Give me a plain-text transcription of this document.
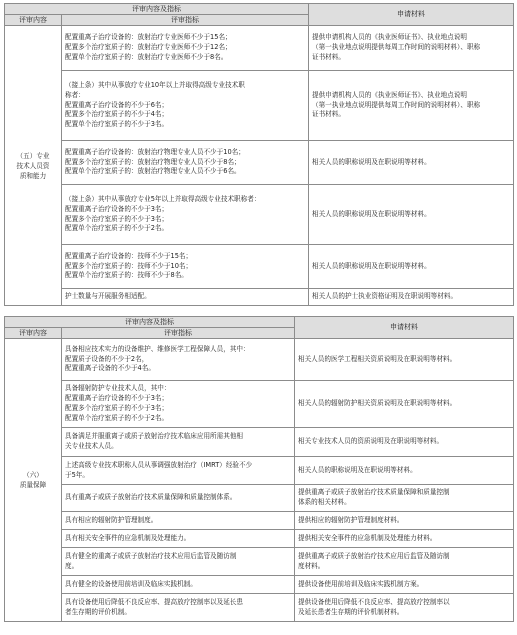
评审内容及指标		申请材料
评审内容	评审指标	
（五）专业
技术人员资
质和能力	配置重离子治疗设备的：放射治疗专业医师不少于15名；
配置多个治疗室质子的：放射治疗专业医师不少于12名；
配置单个治疗室质子的：放射治疗专业医师不少于8名。	提供申请机构人员的《执业医师证书》、执业地点说明
（第一执业地点说明提供每周工作时间的说明材料）、职称
证书材料。
	（接上条）其中从事放疗专业10年以上并取得高级专业技术职
称者：
配置重离子治疗设备的不少于6名；
配置多个治疗室质子的不少于4名；
配置单个治疗室质子的不少于3名。	提供申请机构人员的《执业医师证书》、执业地点说明
（第一执业地点说明提供每周工作时间的说明材料）、职称
证书材料。
	配置重离子治疗设备的：放射治疗物理专业人员不少于10名；
配置多个治疗室质子的：放射治疗物理专业人员不少于8名；
配置单个治疗室质子的：放射治疗物理专业人员不少于6名。	相关人员的职称说明及在职说明等材料。
	（接上条）其中从事放疗专业5年以上并取得高级专业技术职称者：
配置重离子治疗设备的不少于3名；
配置多个治疗室质子的不少于3名；
配置单个治疗室质子的不少于2名。	相关人员的职称说明及在职说明等材料。
	配置重离子治疗设备的：技师不少于15名；
配置多个治疗室质子的：技师不少于10名；
配置单个治疗室质子的：技师不少于8名。	相关人员的职称说明及在职说明等材料。
	护士数量与开展服务相适配。	相关人员的护士执业资格证明及在职说明等材料。
评审内容及指标		申请材料
评审内容	评审指标	
（六）
质量保障	具备相应技术实力的设备维护、维修医学工程保障人员，其中：
配置质子设备的不少于2名，
配置重离子设备的不少于4名。	相关人员的医学工程相关资质说明及在职说明等材料。
	具备辐射防护专业技术人员，其中：
配置重离子治疗设备的不少于3名；
配置多个治疗室质子的不少于3名；
配置单个治疗室质子的不少于2名。	相关人员的辐射防护相关资质说明及在职说明等材料。
	具备满足并服重离子或质子放射治疗技术临床应用所需其他相
关专业技术人员。	相关专业技术人员的资质说明及在职说明等材料。
	上述高级专业技术职称人员从事调强放射治疗（IMRT）经验不少
于5年。	相关人员的职称说明及在职说明等材料。
	具有重离子或质子放射治疗技术质量保障和质量控制体系。	提供重离子或质子放射治疗技术质量保障和质量控制
体系的相关材料。
	具有相应的辐射防护管理制度。	提供相应的辐射防护管理制度材料。
	具有相关安全事件的应急机制及处理能力。	提供相关安全事件的应急机制及处理能力材料。
	具有健全的重离子或质子放射治疗技术应用后监管及随访制
度。	提供重离子或质子放射治疗技术应用后监管及随访制
度材料。
	具有健全的设备使用前培训及临床实践机制。	提供设备使用前培训及临床实践机制方案。
	具有设备使用后降低不良反应率、提高放疗控制率以及延长患
者生存期的评价机制。	提供设备使用后降低不良反应率、提高放疗控制率以
及延长患者生存期的评价机制材料。
